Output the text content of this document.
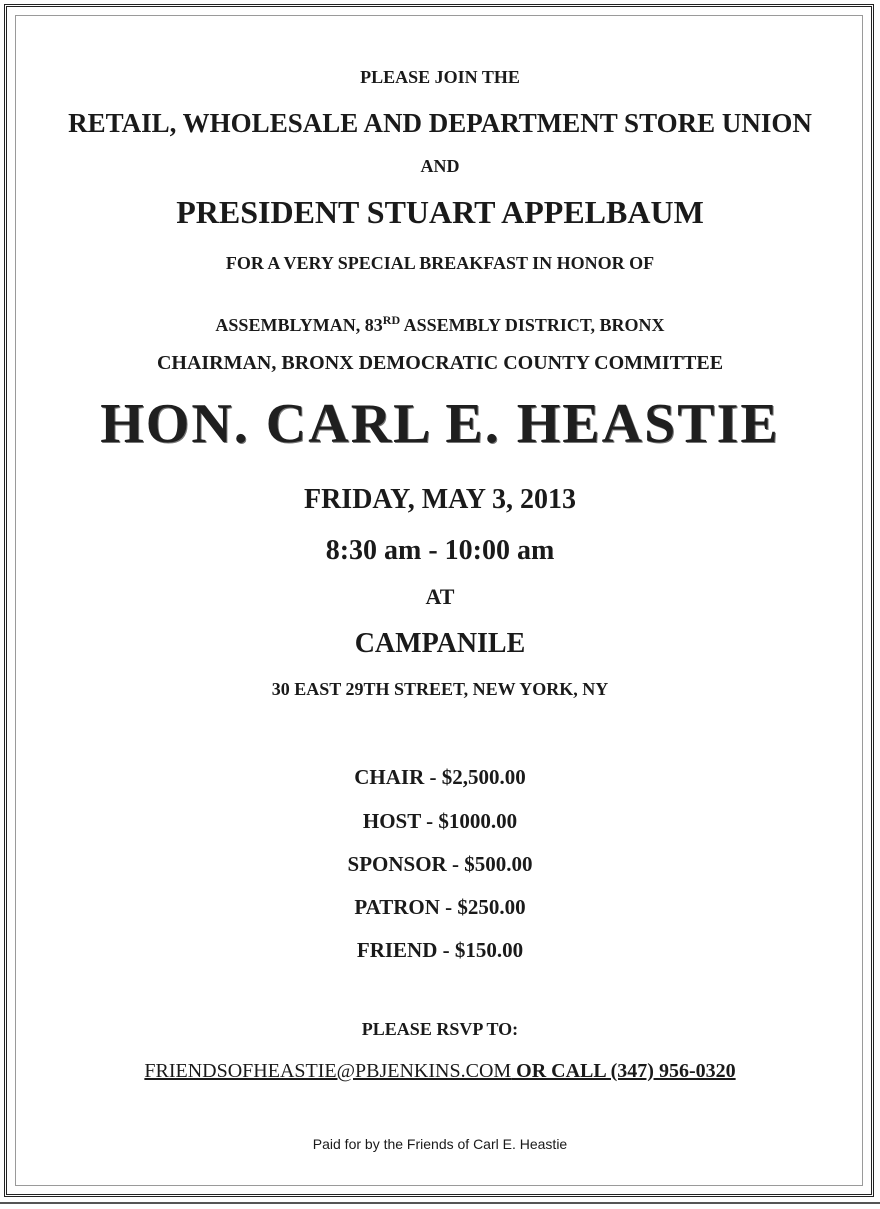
PLEASE JOIN THE
RETAIL, WHOLESALE AND DEPARTMENT STORE UNION
AND
PRESIDENT STUART APPELBAUM
FOR A VERY SPECIAL BREAKFAST IN HONOR OF
ASSEMBLYMAN, 83RD ASSEMBLY DISTRICT, BRONX
CHAIRMAN, BRONX DEMOCRATIC COUNTY COMMITTEE
HON. CARL E. HEASTIE
FRIDAY, MAY 3, 2013
8:30 am - 10:00 am
AT
CAMPANILE
30 EAST 29TH STREET, NEW YORK, NY
CHAIR - $2,500.00
HOST - $1000.00
SPONSOR - $500.00
PATRON - $250.00
FRIEND - $150.00
PLEASE RSVP TO:
FRIENDSOFHEASTIE@PBJENKINS.COM OR CALL (347) 956-0320
Paid for by the Friends of Carl E. Heastie
